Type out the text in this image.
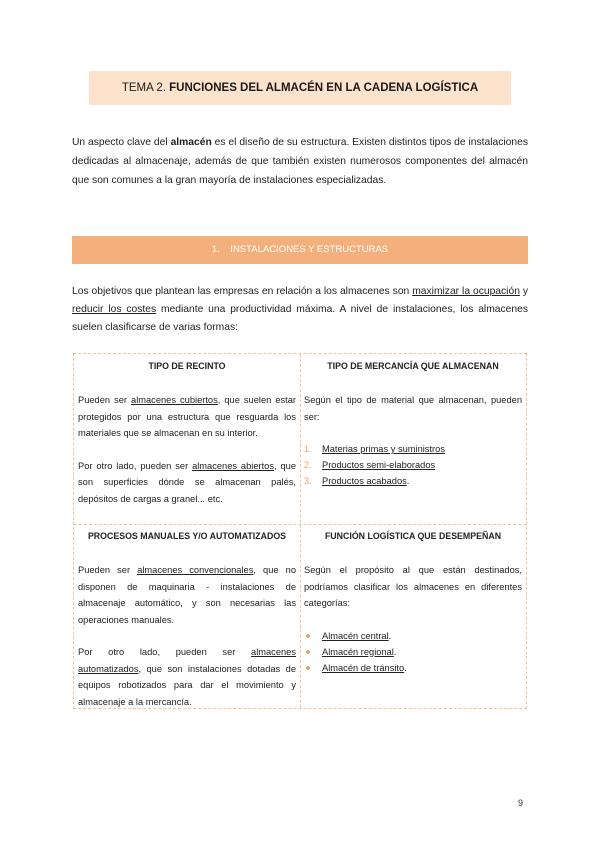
TEMA 2. FUNCIONES DEL ALMACÉN EN LA CADENA LOGÍSTICA

Un aspecto clave del almacén es el diseño de su estructura. Existen distintos tipos de instalaciones dedicadas al almacenaje, además de que también existen numerosos componentes del almacén que son comunes a la gran mayoría de instalaciones especializadas.

1.    INSTALACIONES Y ESTRUCTURAS

Los objetivos que plantean las empresas en relación a los almacenes son maximizar la ocupación y reducir los costes mediante una productividad máxima. A nivel de instalaciones, los almacenes suelen clasificarse de varias formas:

TIPO DE RECINTO

Pueden ser almacenes cubiertos, que suelen estar protegidos por una estructura que resguarda los materiales que se almacenan en su interior.

Por otro lado, pueden ser almacenes abiertos, que son superficies dónde se almacenan palés, depósitos de cargas a granel... etc.

TIPO DE MERCANCÍA QUE ALMACENAN

Según el tipo de material que almacenan, pueden ser:

1. Materias primas y suministros
2. Productos semi-elaborados
3. Productos acabados.
PROCESOS MANUALES Y/O AUTOMATIZADOS

Pueden ser almacenes convencionales, que no disponen de maquinaria - instalaciones de almacenaje automático, y son necesarias las operaciones manuales.

Por otro lado, pueden ser almacenes automatizados, que son instalaciones dotadas de equipos robotizados para dar el movimiento y almacenaje a la mercancía.

FUNCIÓN LOGÍSTICA QUE DESEMPEÑAN

Según el propósito al que están destinados, podríamos clasificar los almacenes en diferentes categorías:

Almacén central.
Almacén regional.
Almacén de tránsito.
9
